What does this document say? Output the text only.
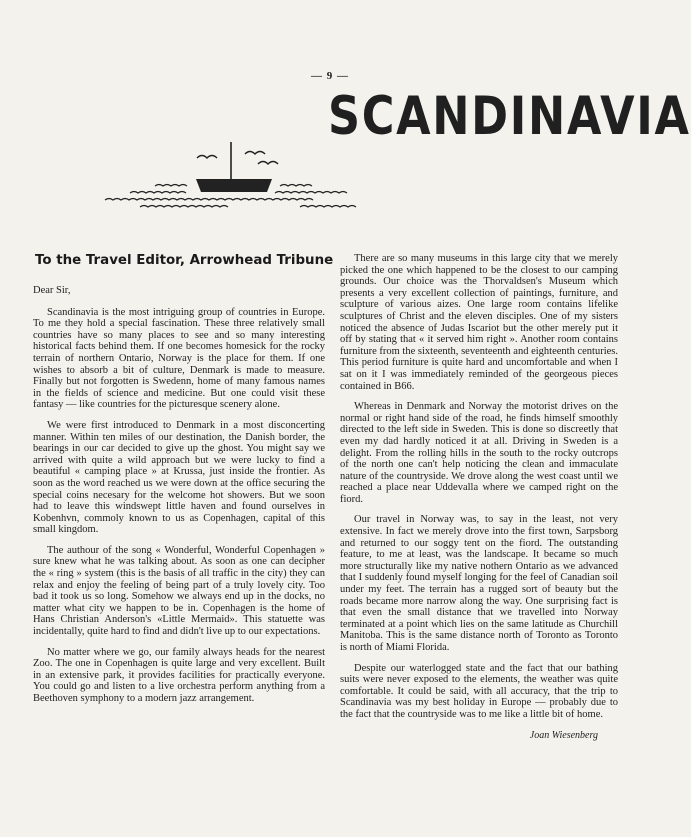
— 9 —
SCANDINAVIA
To the Travel Editor, Arrowhead Tribune

Dear Sir,

Scandinavia is the most intriguing group of countries in Europe. To me they hold a special fascination. These three relatively small countries have so many places to see and so many interesting historical facts behind them. If one becomes homesick for the rocky terrain of northern Ontario, Norway is the place for them. If one wishes to absorb a bit of culture, Denmark is made to measure. Finally but not forgotten is Swedenn, home of many famous names in the fields of science and medicine. But one could visit these fantasy — like countries for the picturesque scenery alone.

We were first introduced to Denmark in a most disconcerting manner. Within ten miles of our destination, the Danish border, the bearings in our car decided to give up the ghost. You might say we arrived with quite a wild approach but we were lucky to find a beautiful « camping place » at Krussa, just inside the frontier. As soon as the word reached us we were down at the office securing the special coins necesary for the welcome hot showers. But we soon had to leave this windswept little haven and found ourselves in Kobenhvn, commoly known to us as Copenhagen, capital of this small kingdom.

The authour of the song « Wonderful, Wonderful Copenhagen » sure knew what he was talking about. As soon as one can decipher the « ring » system (this is the basis of all traffic in the city) they can relax and enjoy the feeling of being part of a truly lovely city. Too bad it took us so long. Somehow we always end up in the docks, no matter what city we happen to be in. Copenhagen is the home of Hans Christian Anderson's «Little Mermaid». This statuette was incidentally, quite hard to find and didn't live up to our expectations.

No matter where we go, our family always heads for the nearest Zoo. The one in Copenhagen is quite large and very excellent. Built in an extensive park, it provides facilities for practically everyone. You could go and listen to a live orchestra perform anything from a Beethoven symphony to a modern jazz arrangement.

There are so many museums in this large city that we merely picked the one which happened to be the closest to our camping grounds. Our choice was the Thorvaldsen's Museum which presents a very excellent collection of paintings, furniture, and sculpture of various aizes. One large room contains lifelike sculptures of Christ and the eleven disciples. One of my sisters noticed the absence of Judas Iscariot but the other merely put it off by stating that « it served him right ». Another room contains furniture from the sixteenth, seventeenth and eighteenth centuries. This period furniture is quite hard and uncomfortable and when I sat on it I was immediately reminded of the georgeous pieces contained in B66.

Whereas in Denmark and Norway the motorist drives on the normal or right hand side of the road, he finds himself smoothly directed to the left side in Sweden. This is done so discreetly that even my dad hardly noticed it at all. Driving in Sweden is a delight. From the rolling hills in the south to the rocky outcrops of the north one can't help noticing the clean and immaculate nature of the countryside. We drove along the west coast until we reached a place near Uddevalla where we camped right on the fiord.

Our travel in Norway was, to say in the least, not very extensive. In fact we merely drove into the first town, Sarpsborg and returned to our soggy tent on the fiord. The outstanding feature, to me at least, was the landscape. It became so much more structurally like my native nothern Ontario as we advanced that I suddenly found myself longing for the feel of Canadian soil under my feet. The terrain has a rugged sort of beauty but the roads became more narrow along the way. One surprising fact is that even the small distance that we travelled into Norway terminated at a point which lies on the same latitude as Churchill Manitoba. This is the same distance north of Toronto as Toronto is north of Miami Florida.

Despite our waterlogged state and the fact that our bathing suits were never exposed to the elements, the weather was quite comfortable. It could be said, with all accuracy, that the trip to Scandinavia was my best holiday in Europe — probably due to the fact that the countryside was to me like a little bit of home.

Joan Wiesenberg
